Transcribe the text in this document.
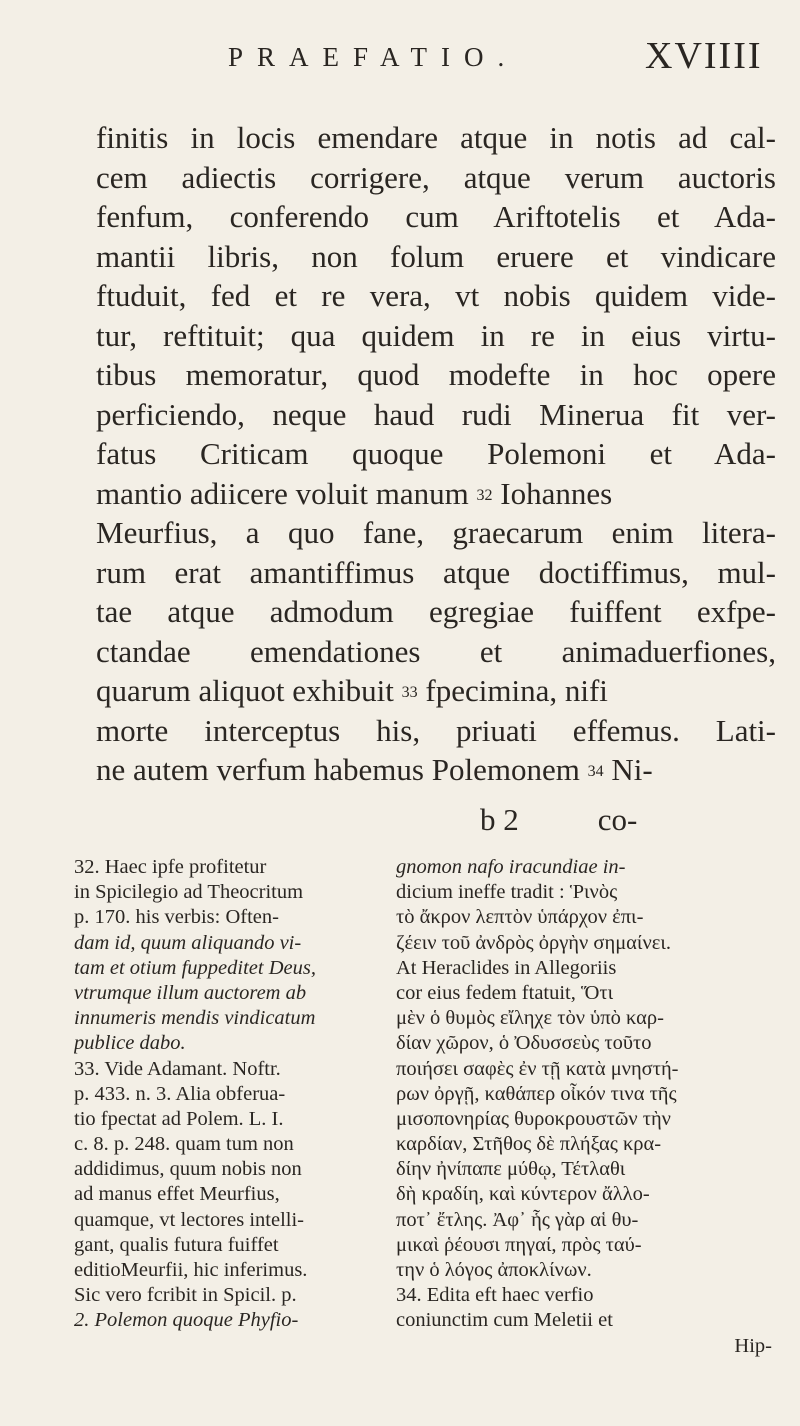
PRAEFATIO.	XVIIII
finitis in locis emendare atque in notis ad cal-
cem adiectis corrigere, atque verum auctoris
fenfum, conferendo cum Ariftotelis et Ada-
mantii libris, non folum eruere et vindicare
ftuduit, fed et re vera, vt nobis quidem vide-
tur, reftituit; qua quidem in re in eius virtu-
tibus memoratur, quod modefte in hoc opere
perficiendo, neque haud rudi Minerua fit ver-
fatus Criticam quoque Polemoni et Ada-
mantio adiicere voluit manum $^{32}$ Iohannes
Meurfius, a quo fane, graecarum enim litera-
rum erat amantiffimus atque doctiffimus, mul-
tae atque admodum egregiae fuiffent exfpe-
ctandae emendationes et animaduerfiones,
quarum aliquot exhibuit $^{33}$ fpecimina, nifi
morte interceptus his, priuati effemus. Lati-
ne autem verfum habemus Polemonem $^{34}$ Ni-
b 2	co-
32. Haec ipfe profitetur
in Spicilegio ad Theocritum
p. 170. his verbis: Often-
dam id, quum aliquando vi-
tam et otium fuppeditet Deus,
vtrumque illum auctorem ab
innumeris mendis vindicatum
publice dabo.
33. Vide Adamant. Noftr.
p. 433. n. 3. Alia obferua-
tio fpectat ad Polem. L. I.
c. 8. p. 248. quam tum non
addidimus, quum nobis non
ad manus effet Meurfius,
quamque, vt lectores intelli-
gant, qualis futura fuiffet
editioMeurfii, hic inferimus.
Sic vero fcribit in Spicil. p.
2. Polemon quoque Phyfio-
gnomon nafo iracundiae in-
dicium ineffe tradit : Ῥινὸς
τὸ ἄκρον λεπτὸν ὑπάρχον ἐπι-
ζέειν τοῦ ἀνδρὸς ὀργὴν σημαίνει.
At Heraclides in Allegoriis
cor eius fedem ftatuit, Ὅτι
μὲν ὁ θυμὸς εἴληχε τὸν ὑπὸ καρ-
δίαν χῶρον, ὁ Ὀδυσσεὺς τοῦτο
ποιήσει σαφὲς ἐν τῇ κατὰ μνηστή-
ρων ὀργῇ, καθάπερ οἶκόν τινα τῆς
μισοπονηρίας θυροκρουστῶν τὴν
καρδίαν, Στῆθος δὲ πλήξας κρα-
δίην ἠνίπαπε μύθῳ, Τέτλαθι
δὴ κραδίη, καὶ κύντερον ἄλλο-
ποτ᾽ ἔτλης. Ἀφ᾽ ἧς γὰρ αἱ θυ-
μικαὶ ῥέουσι πηγαί, πρὸς ταύ-
την ὁ λόγος ἀποκλίνων.
34. Edita eft haec verfio
coniunctim cum Meletii et
Hip-
